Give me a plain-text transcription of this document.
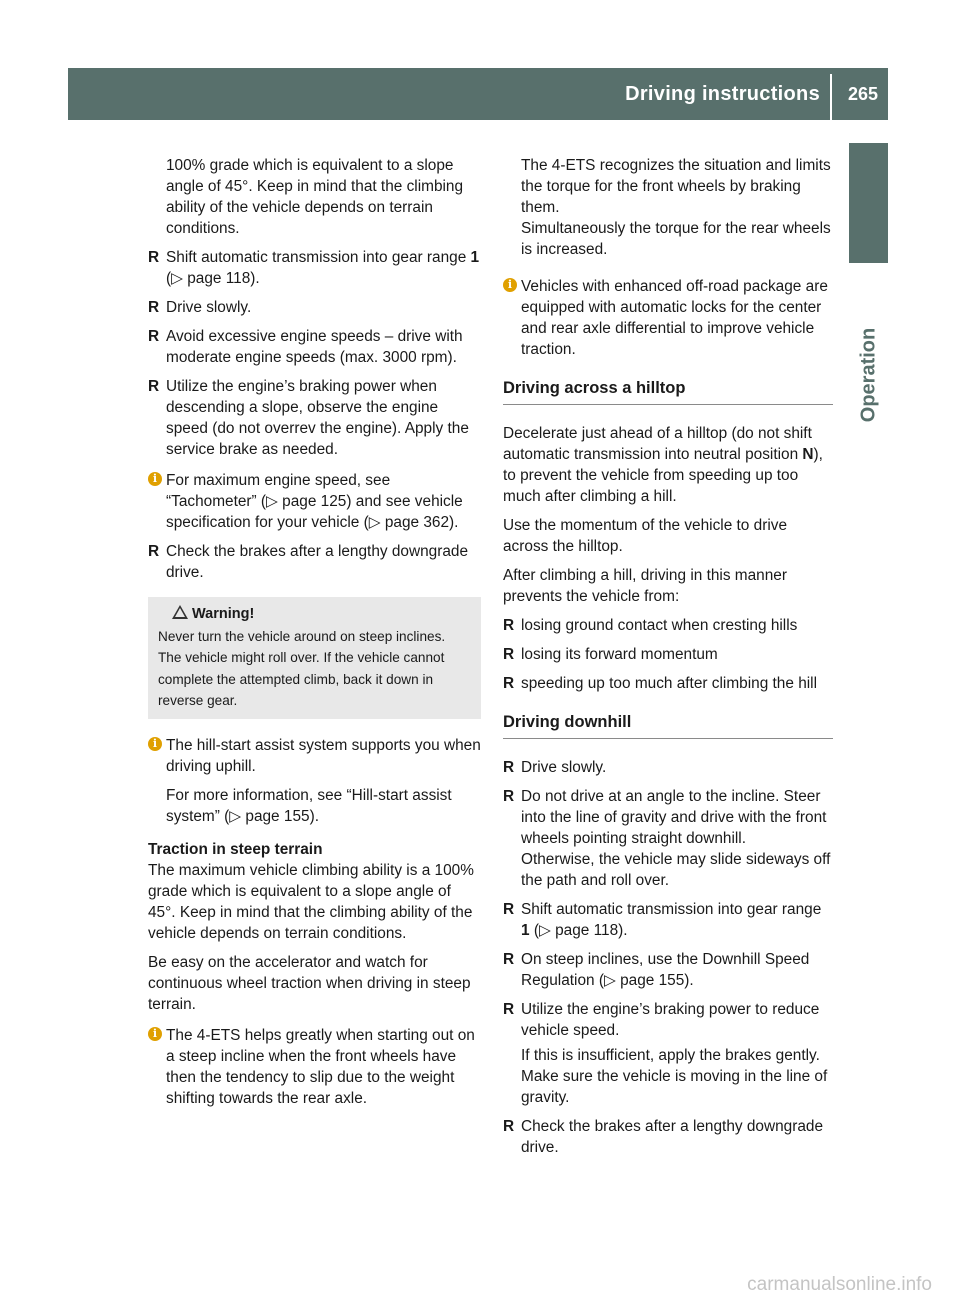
Driving instructions 265
Operation

100% grade which is equivalent to a slope angle of 45°. Keep in mind that the climbing ability of the vehicle depends on terrain conditions.

R Shift automatic transmission into gear range 1 (▷ page 118).
R Drive slowly.
R Avoid excessive engine speeds – drive with moderate engine speeds (max. 3000 rpm).
R Utilize the engine’s braking power when descending a slope, observe the engine speed (do not overrev the engine). Apply the service brake as needed.
i For maximum engine speed, see “Tachometer” (▷ page 125) and see vehicle specification for your vehicle (▷ page 362).
R Check the brakes after a lengthy downgrade drive.
Warning!
Never turn the vehicle around on steep inclines. The vehicle might roll over. If the vehicle cannot complete the attempted climb, back it down in reverse gear.
i The hill-start assist system supports you when driving uphill.
For more information, see “Hill-start assist system” (▷ page 155).
Traction in steep terrain

The maximum vehicle climbing ability is a 100% grade which is equivalent to a slope angle of 45°. Keep in mind that the climbing ability of the vehicle depends on terrain conditions.

Be easy on the accelerator and watch for continuous wheel traction when driving in steep terrain.

i The 4-ETS helps greatly when starting out on a steep incline when the front wheels have then the tendency to slip due to the weight shifting towards the rear axle.
The 4-ETS recognizes the situation and limits the torque for the front wheels by braking them.
Simultaneously the torque for the rear wheels is increased.
i Vehicles with enhanced off-road package are equipped with automatic locks for the center and rear axle differential to improve vehicle traction.
Driving across a hilltop

Decelerate just ahead of a hilltop (do not shift automatic transmission into neutral position N), to prevent the vehicle from speeding up too much after climbing a hill.

Use the momentum of the vehicle to drive across the hilltop.

After climbing a hill, driving in this manner prevents the vehicle from:

R losing ground contact when cresting hills
R losing its forward momentum
R speeding up too much after climbing the hill
Driving downhill
R Drive slowly.
R Do not drive at an angle to the incline. Steer into the line of gravity and drive with the front wheels pointing straight downhill.
Otherwise, the vehicle may slide sideways off the path and roll over.
R Shift automatic transmission into gear range 1 (▷ page 118).
R On steep inclines, use the Downhill Speed Regulation (▷ page 155).
R Utilize the engine’s braking power to reduce vehicle speed.
If this is insufficient, apply the brakes gently. Make sure the vehicle is moving in the line of gravity.
R Check the brakes after a lengthy downgrade drive.
carmanualsonline.info
